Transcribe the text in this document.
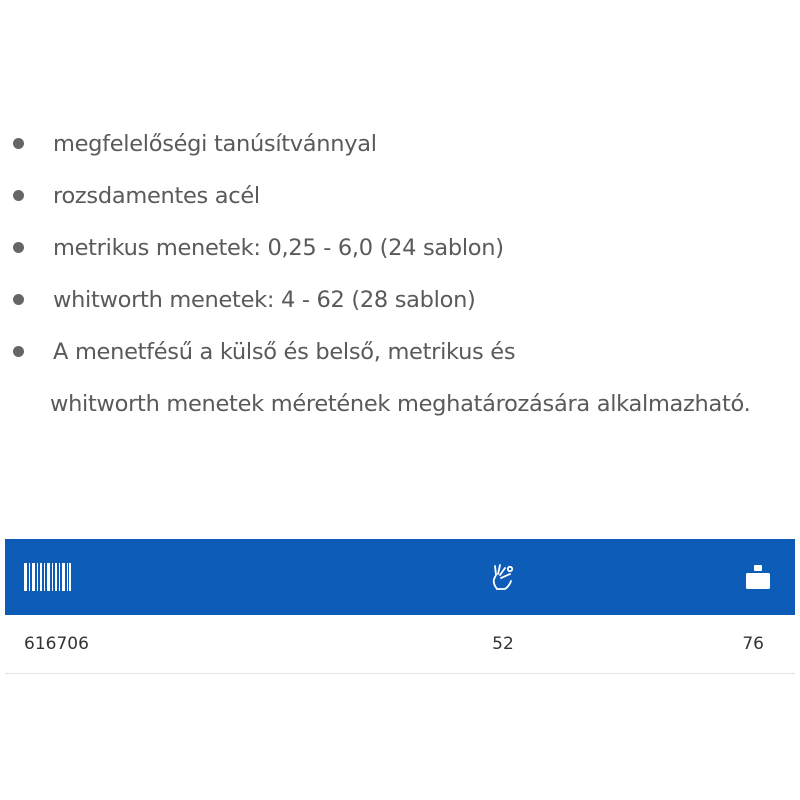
megfelelőségi tanúsítvánnyal
rozsdamentes acél
metrikus menetek: 0,25 - 6,0 (24 sablon)
whitworth menetek: 4 - 62 (28 sablon)
A menetfésű a külső és belső, metrikus és
whitworth menetek méretének meghatározására alkalmazható.
616706	52	76
